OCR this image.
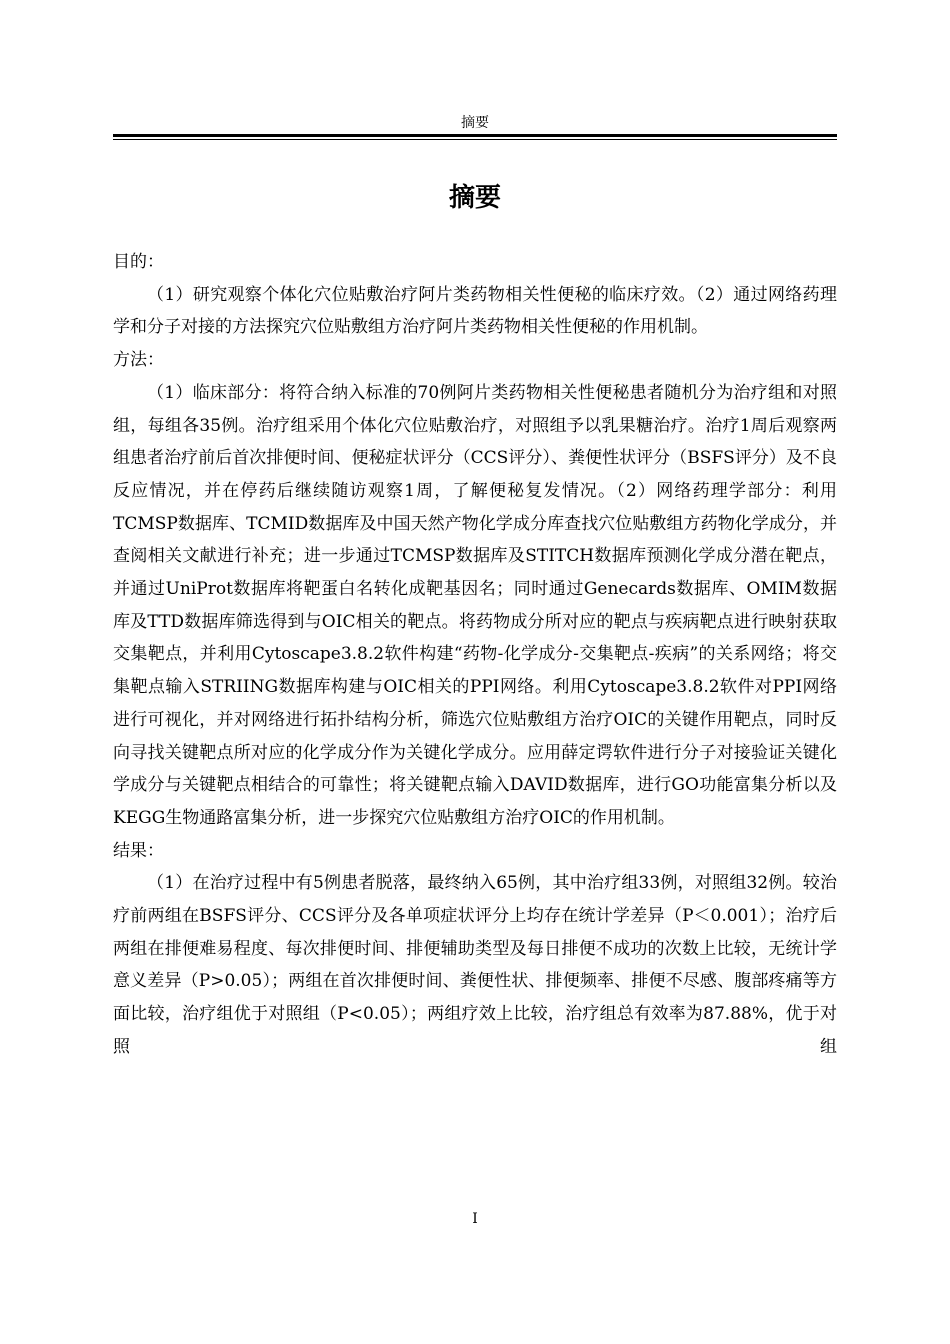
摘要
摘要

目的：

（1）研究观察个体化穴位贴敷治疗阿片类药物相关性便秘的临床疗效。（2）通过网络药理学和分子对接的方法探究穴位贴敷组方治疗阿片类药物相关性便秘的作用机制。

方法：

（1）临床部分：将符合纳入标准的70例阿片类药物相关性便秘患者随机分为治疗组和对照组，每组各35例。治疗组采用个体化穴位贴敷治疗，对照组予以乳果糖治疗。治疗1周后观察两组患者治疗前后首次排便时间、便秘症状评分（CCS评分）、粪便性状评分（BSFS评分）及不良反应情况，并在停药后继续随访观察1周，了解便秘复发情况。（2）网络药理学部分：利用TCMSP数据库、TCMID数据库及中国天然产物化学成分库查找穴位贴敷组方药物化学成分，并查阅相关文献进行补充；进一步通过TCMSP数据库及STITCH数据库预测化学成分潜在靶点，并通过UniProt数据库将靶蛋白名转化成靶基因名；同时通过Genecards数据库、OMIM数据库及TTD数据库筛选得到与OIC相关的靶点。将药物成分所对应的靶点与疾病靶点进行映射获取交集靶点，并利用Cytoscape3.8.2软件构建“药物-化学成分-交集靶点-疾病”的关系网络；将交集靶点输入STRIING数据库构建与OIC相关的PPI网络。利用Cytoscape3.8.2软件对PPI网络进行可视化，并对网络进行拓扑结构分析，筛选穴位贴敷组方治疗OIC的关键作用靶点，同时反向寻找关键靶点所对应的化学成分作为关键化学成分。应用薛定谔软件进行分子对接验证关键化学成分与关键靶点相结合的可靠性；将关键靶点输入DAVID数据库，进行GO功能富集分析以及KEGG生物通路富集分析，进一步探究穴位贴敷组方治疗OIC的作用机制。

结果：

（1）在治疗过程中有5例患者脱落，最终纳入65例，其中治疗组33例，对照组32例。较治疗前两组在BSFS评分、CCS评分及各单项症状评分上均存在统计学差异（P＜0.001）；治疗后两组在排便难易程度、每次排便时间、排便辅助类型及每日排便不成功的次数上比较，无统计学意义差异（P>0.05）；两组在首次排便时间、粪便性状、排便频率、排便不尽感、腹部疼痛等方面比较，治疗组优于对照组（P<0.05）；两组疗效上比较，治疗组总有效率为87.88%，优于对照组

I
